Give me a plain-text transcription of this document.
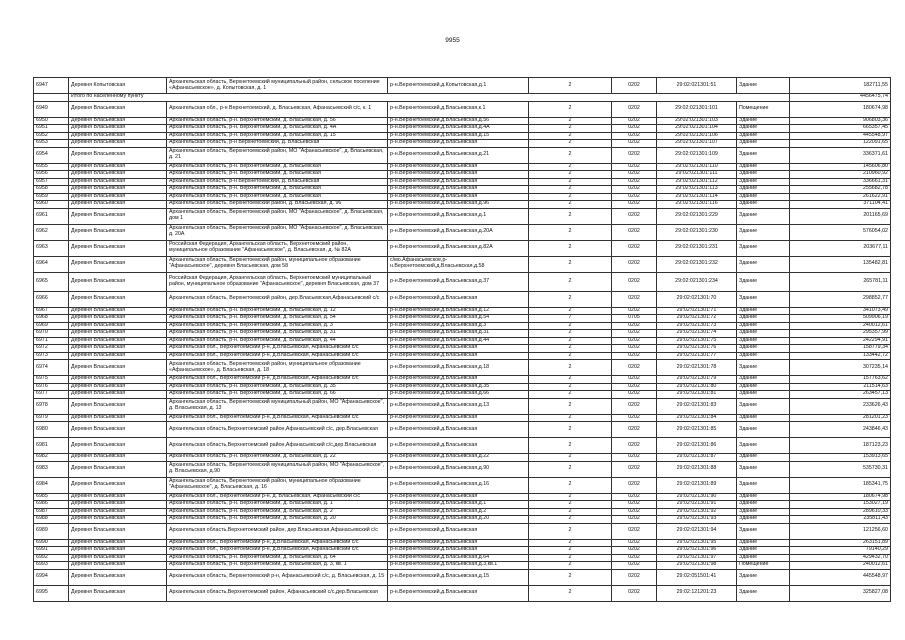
9955
6947	Деревня Копытовская	Архангельская область, Верхнетоемский муниципальный район, сельское поселение «Афанасьевское», д. Копытовская, д. 1	р-н.Верхнетоемский,д.Копытовская,д.1	2	0202	29:02:021301:51	Здание	182711,55
	Итого по населенному пункту							4456475,74
6949	Деревня Власьевская	Архангельская обл., р-н Верхнетоемский, д. Власьевская, Афанасьевский с/с, к. 1	р-н.Верхнетоемский,д.Власьевская,к.1	2	0202	29:02:021301:101	Помещение	180674,98
6950	Деревня Власьевская	Архангельская область, р-н. Верхнетоемский, д. Власьевская, д. 56	р-н.Верхнетоемский,д.Власьевская,д.56	2	0202	29:02:021301:103	Здание	906803,36
6951	Деревня Власьевская	Архангельская область, р-н. Верхнетоемский, д. Власьевская, д. 4А	р-н.Верхнетоемский,д.Власьевская,д.4А	2	0202	29:02:021301:104	Здание	665357,45
6952	Деревня Власьевская	Архангельская область, р-н. Верхнетоемский, д. Власьевская, д. 15	р-н.Верхнетоемский,д.Власьевская,д.15	2	0202	29:02:021301:106	Здание	445548,97
6953	Деревня Власьевская	Архангельская область, р-н Верхнетоемский, д. Власьевская	р-н.Верхнетоемский,д.Власьевская	2	0202	29:02:021301:107	Здание	122091,65
6954	Деревня Власьевская	Архангельская область, Верхнетоемский район, МО "Афанасьевское", д. Власьевская, д. 21	р-н.Верхнетоемский,д.Власьевская,д.21	2	0202	29:02:021301:109	Здание	336371,61
6955	Деревня Власьевская	Архангельская область, р-н. Верхнетоемский, д. Власьевская	р-н.Верхнетоемский,д.Власьевская	2	0202	29:02:021301:110	Здание	145606,80
6956	Деревня Власьевская	Архангельская область, р-н. Верхнетоемский, д. Власьевская	р-н.Верхнетоемский,д.Власьевская	2	0202	29:02:021301:111	Здание	210960,92
6957	Деревня Власьевская	Архангельская область, р-н Верхнетоемский, д. Власьевская	р-н.Верхнетоемский,д.Власьевская	2	0202	29:02:021301:112	Здание	336661,31
6958	Деревня Власьевская	Архангельская область, р-н. Верхнетоемский, д. Власьевская	р-н.Верхнетоемский,д.Власьевская	2	0202	29:02:021301:113	Здание	255682,78
6959	Деревня Власьевская	Архангельская область, р-н. Верхнетоемский, д. Власьевская	р-н.Верхнетоемский,д.Власьевская	2	0202	29:02:021301:114	Здание	261622,91
6960	Деревня Власьевская	Архангельская область, Верхнетоемский район, д. Власьевская, д. 96	р-н.Верхнетоемский,д.Власьевская,д.96	2	0202	29:02:021301:116	Здание	371104,41
6961	Деревня Власьевская	Архангельская область, Верхнетоемский район, МО "Афанасьевское", д. Власьевская, дом 1	р-н.Верхнетоемский,д.Власьевская,д.1	2	0202	29:02:021301:229	Здание	201165,69
6962	Деревня Власьевская	Архангельская область, Верхнетоемский район, МО "Афанасьевское", д. Власьевская, д. 20А	р-н.Верхнетоемский,д.Власьевская,д.20А	2	0202	29:02:021301:230	Здание	576054,02
6963	Деревня Власьевская	Российская Федерация, Архангельская область, Верхнетоемский район, муниципальное образование "Афанасьевское", д. Власьевская, д. № 82А	р-н.Верхнетоемский,д.Власьевская,д.82А	2	0202	29:02:021301:231	Здание	203677,11
6964	Деревня Власьевская	Архангельская область, Верхнетоемский район, муниципальное образование "Афанасьевское", деревня Власьевская, дом 58	с/мо.Афанасьевское,р-н.Верхнетоемский,д.Власьевская,д.58	2	0202	29:02:021301:232	Здание	135482,81
6965	Деревня Власьевская	Российская Федерация, Архангельская область, Верхнетоемский муниципальный район, муниципальное образование "Афанасьевское", деревня Власьевская, дом 37	р-н.Верхнетоемский,д.Власьевская,д.37	2	0202	29:02:021301:234	Здание	265781,11
6966	Деревня Власьевская	Архангельская область, Верхнетоемский район, дер.Власьевская,Афанасьевский с/с	р-н.Верхнетоемский,д.Власьевская	2	0202	29:02:021301:70	Здание	298852,77
6967	Деревня Власьевская	Архангельская область, р-н. Верхнетоемский, д. Власьевская, д. 12	р-н.Верхнетоемский,д.Власьевская,д.12	2	0202	29:02:021301:71	Здание	341073,49
6968	Деревня Власьевская	Архангельская область, р-н. Верхнетоемский, д. Власьевская, д. 54	р-н.Верхнетоемский,д.Власьевская,д.54	7	0705	29:02:021301:72	Здание	509906,19
6969	Деревня Власьевская	Архангельская область, р-н. Верхнетоемский, д. Власьевская, д. 3	р-н.Верхнетоемский,д.Власьевская,д.3	2	0202	29:02:021301:73	Здание	240012,61
6970	Деревня Власьевская	Архангельская область, р-н. Верхнетоемский, д. Власьевская, д. 31	р-н.Верхнетоемский,д.Власьевская,д.31	2	0202	29:02:021301:74	Здание	295357,99
6971	Деревня Власьевская	Архангельская область, р-н. Верхнетоемский, д. Власьевская, д. 44	р-н.Верхнетоемский,д.Власьевская,д.44	2	0202	29:02:021301:75	Здание	242294,91
6972	Деревня Власьевская	Архангельская обл., Верхнетоемский р-н, д.Власьевская, Афанасьевский с/с	р-н.Верхнетоемский,д.Власьевская	2	0202	29:02:021301:76	Здание	158779,34
6973	Деревня Власьевская	Архангельская обл., Верхнетоемский р-н, д.Власьевская, Афанасьевский с/с	р-н.Верхнетоемский,д.Власьевская	2	0202	29:02:021301:77	Здание	133442,72
6974	Деревня Власьевская	Архангельская область, Верхнетоемский район, муниципальное образование «Афанасьевское», д. Власьевская, д. 18	р-н.Верхнетоемский,д.Власьевская,д.18	2	0202	29:02:021301:78	Здание	307235,14
6975	Деревня Власьевская	Архангельская обл., Верхнетоемский р-н, д.Власьевская, Афанасьевский с/с	р-н.Верхнетоемский,д.Власьевская	2	0202	29:02:021301:79	Здание	157763,62
6976	Деревня Власьевская	Архангельская область, р-н. Верхнетоемский, д. Власьевская, д. 35	р-н.Верхнетоемский,д.Власьевская,д.35	2	0202	29:02:021301:80	Здание	211514,63
6977	Деревня Власьевская	Архангельская область, р-н. Верхнетоемский, д. Власьевская, д. 66	р-н.Верхнетоемский,д.Власьевская,д.66	2	0202	29:02:021301:81	Здание	263457,13
6978	Деревня Власьевская	Архангельская область, Верхнетоемский муниципальный район, МО "Афанасьевское", д. Власьевская, д. 13	р-н.Верхнетоемский,д.Власьевская,д.13	2	0202	29:02:021301:83	Здание	233626,43
6979	Деревня Власьевская	Архангельская обл., Верхнетоемский р-н, д.Власьевская, Афанасьевский с/с	р-н.Верхнетоемский,д.Власьевская	2	0202	29:02:021301:84	Здание	281201,23
6980	Деревня Власьевская	Архангельская область,Верхнетоемский район,Афанасьевский с/с, дер.Власьевская	р-н.Верхнетоемский,д.Власьевская	2	0202	29:02:021301:85	Здание	243846,43
6981	Деревня Власьевская	Архангельская область,Верхнетоемский район,Афанасьевский с/с,дер.Власьевская	р-н.Верхнетоемский,д.Власьевская	2	0202	29:02:021301:86	Здание	187123,23
6982	Деревня Власьевская	Архангельская область, р-н. Верхнетоемский, д. Власьевская, д. 22	р-н.Верхнетоемский,д.Власьевская,д.22	2	0202	29:02:021301:87	Здание	153913,65
6983	Деревня Власьевская	Архангельская область, Верхнетоемский муниципальный район, МО "Афанасьевское", д. Власьевская, д.90	р-н.Верхнетоемский,д.Власьевская,д.90	2	0202	29:02:021301:88	Здание	535730,31
6984	Деревня Власьевская	Архангельская область, Верхнетоемский район, муниципальное образование "Афанасьевское", д. Власьевская, д. 16	р-н.Верхнетоемский,д.Власьевская,д.16	2	0202	29:02:021301:89	Здание	185341,75
6985	Деревня Власьевская	Архангельская обл., Верхнетоемский р-н, д. Власьевская, Афанасьевский с/с	р-н.Верхнетоемский,д.Власьевская	2	0202	29:02:021301:90	Здание	180674,98
6986	Деревня Власьевская	Архангельская область, р-н. Верхнетоемский, д. Власьевская, д. 1	р-н.Верхнетоемский,д.Власьевская,д.1	2	0202	29:02:021301:91	Здание	153027,19
6987	Деревня Власьевская	Архангельская область, р-н. Верхнетоемский, д. Власьевская, д. 2	р-н.Верхнетоемский,д.Власьевская,д.2	2	0202	29:02:021301:92	Здание	289610,33
6988	Деревня Власьевская	Архангельская область, р-н. Верхнетоемский, д. Власьевская, д. 20	р-н.Верхнетоемский,д.Власьевская,д.20	2	0202	29:02:021301:93	Здание	235811,43
6989	Деревня Власьевская	Архангельская область,Верхнетоемский район, дер.Власьевская,Афанасьевский с/с	р-н.Верхнетоемский,д.Власьевская	2	0202	29:02:021301:94	Здание	121256,60
6990	Деревня Власьевская	Архангельская обл., Верхнетоемский р-н, д.Власьевская, Афанасьевский с/с	р-н.Верхнетоемский,д.Власьевская	2	0202	29:02:021301:95	Здание	263151,89
6991	Деревня Власьевская	Архангельская обл., Верхнетоемский р-н, д.Власьевская, Афанасьевский с/с	р-н.Верхнетоемский,д.Власьевская	2	0202	29:02:021301:96	Здание	79140,29
6992	Деревня Власьевская	Архангельская область, р-н. Верхнетоемский, д. Власьевская, д. 64	р-н.Верхнетоемский,д.Власьевская,д.64	2	0202	29:02:021301:97	Здание	429432,70
6993	Деревня Власьевская	Архангельская область, р-н. Верхнетоемский, д. Власьевская, д. 3, кв. 1	р-н.Верхнетоемский,д.Власьевская,д.3,кв.1	2	0202	29:02:021301:98	Помещение	240012,61
6994	Деревня Власьевская	Архангельская область, Верхнетоемский р-н, Афанасьевский с/с, д. Власьевская, д. 15	р-н.Верхнетоемский,д.Власьевская,д.15	2	0202	29:02:051501:41	Здание	445548,97
6995	Деревня Власьевская	Архангельская область,Верхнетоемский район, Афанасьевский с/с,дер.Власьевская	р-н.Верхнетоемский,д.Власьевская	2	0202	29:02:121201:23	Здание	325827,08
